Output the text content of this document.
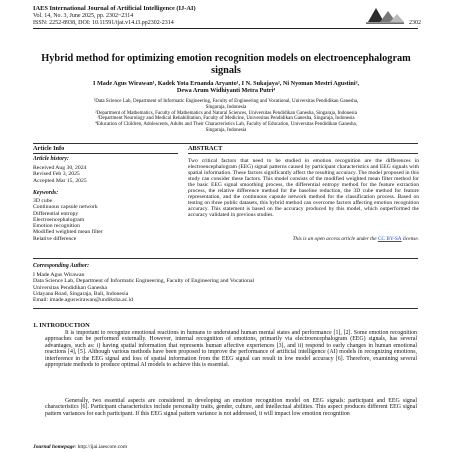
IAES International Journal of Artificial Intelligence (IJ-AI)
Vol. 14, No. 3, June 2025, pp. 2302~2314
ISSN: 2252-8938, DOI: 10.11591/ijai.v14.i3.pp2302-2314	2302
Hybrid method for optimizing emotion recognition models on electroencephalogram signals
I Made Agus Wirawan¹, Kadek Yota Ernanda Aryanto¹, I N. Sukajaya², Ni Nyoman Mestri Agustini³,
Dewa Arum Widhiyanti Metra Putri⁴
¹Data Science Lab, Department of Informatic Engineering, Faculty of Engineering and Vocational, Universitas Pendidikan Ganesha,
Singaraja, Indonesia
²Department of Mathematics, Faculty of Mathematics and Natural Sciences, Universitas Pendidikan Ganesha, Singaraja, Indonesia
³Department Neurology and Medical Rehabilitation, Faculty of Medicine, Universitas Pendidikan Ganesha, Singaraja, Indonesia
⁴Education of Children, Adolescents, Adults and Their Characteristics Lab, Faculty of Education, Universitas Pendidikan Ganesha,
Singaraja, Indonesia
Article Info	ABSTRACT
Article history:
Received Aug 30, 2024
Revised Feb 3, 2025
Accepted Mar 15, 2025
Keywords:
3D cube
Continuous capsule network
Differential entropy
Electroencephalogram
Emotion recognition
Modified weighted mean filter
Relative difference

Two critical factors that need to be studied in emotion recognition are the differences in electroencephalogram (EEG) signal patterns caused by participant characteristics and EEG signals with spatial information. These factors significantly affect the resulting accuracy. The model proposed in this study can consider these factors. This model consists of the modified weighted mean filter method for the basic EEG signal smoothing process, the differential entropy method for the feature extraction process, the relative difference method for the baseline reduction, the 3D cube method for feature representation, and the continuous capsule network method for the classification process. Based on testing on three public datasets, this hybrid method can overcome factors affecting emotion recognition accuracy. This statement is based on the accuracy produced by this model, which outperformed the accuracy validated in previous studies.

This is an open access article under the CC BY-SA license.
Corresponding Author:
I Made Agus Wirawan
Data Science Lab, Department of Informatic Engineering, Faculty of Engineering and Vocational
Universitas Pendidikan Ganesha
Udayana Road, Singaraja, Bali, Indonesia
Email: imade.aguswirawan@undiksha.ac.id
1. INTRODUCTION

It is important to recognize emotional reactions in humans to understand human mental states and performance [1], [2]. Some emotion recognition approaches can be performed externally. However, internal recognition of emotions, primarily via electroencephalogram (EEG) signals, has several advantages, such as: i) having spatial information that represents human affective experiences [3], and ii) respond to early changes in human emotional reactions [4], [5]. Although various methods have been proposed to improve the performance of artificial intelligence (AI) models in recognizing emotions, interference in the EEG signal and loss of spatial information from the EEG signal can result in low model accuracy [6]. Therefore, examining several appropriate methods to produce optimal AI models to achieve this is essential.

Generally, two essential aspects are considered in developing an emotion recognition model on EEG signals: participant and EEG signal characteristics [6]. Participant characteristics include personality traits, gender, culture, and intellectual abilities. This aspect produces different EEG signal pattern variances for each participant. If this EEG signal pattern variance is not addressed, it will impact low emotion recognition

Journal homepage: http://ijai.iaescore.com
